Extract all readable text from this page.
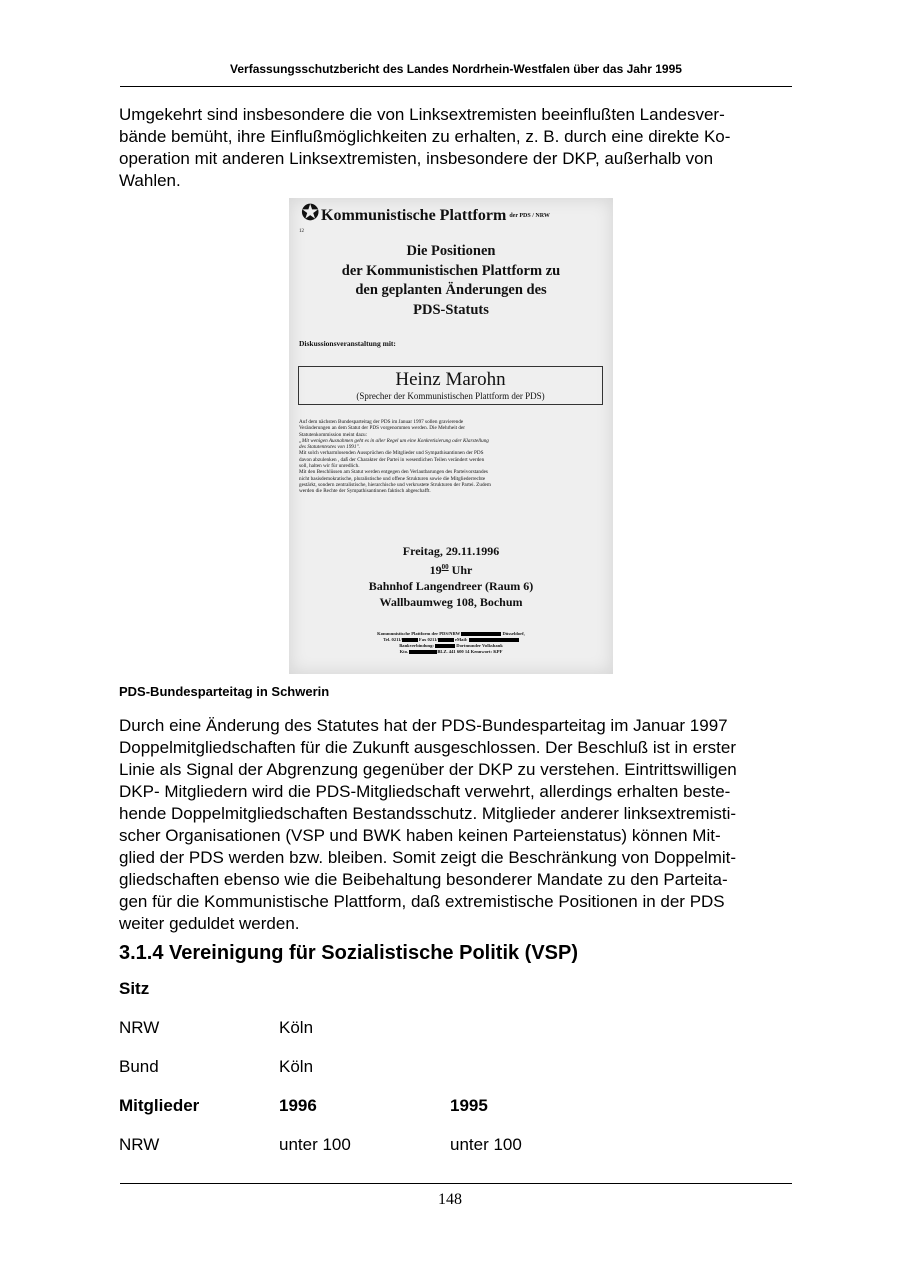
Verfassungsschutzbericht des Landes Nordrhein-Westfalen über das Jahr 1995

Umgekehrt sind insbesondere die von Linksextremisten beeinflußten Landesver-
bände bemüht, ihre Einflußmöglichkeiten zu erhalten, z. B. durch eine direkte Ko-
operation mit anderen Linksextremisten, insbesondere der DKP, außerhalb von
Wahlen.

✪ Kommunistische Plattform der PDS / NRW
12
Die Positionen
der Kommunistischen Plattform zu
den geplanten Änderungen des
PDS-Statuts
Diskussionsveranstaltung mit:
Heinz Marohn
(Sprecher der Kommunistischen Plattform der PDS)
Auf dem nächsten Bundesparteitag der PDS im Januar 1997 sollen gravierende
Veränderungen an dem Statut der PDS vorgenommen werden. Die Mehrheit der
Statutenkommission meint dazu:
„Mit wenigen Ausnahmen geht es in aller Regel um eine Konkretisierung oder Klarstellung
des Statutentextes von 1991".
Mit solch verharmlosenden Aussprüchen die Mitglieder und Sympathisantinnen der PDS
davon abzulenken , daß der Charakter der Partei in wesentlichen Teilen verändert werden
soll, halten wir für unredlich.
Mit den Beschlüssen am Statut werden entgegen den Verlautbarungen des Parteivorstandes
nicht basisdemokratische, pluralistische und offene Strukturen sowie die Mitgliederrechte
gestärkt, sondern zentralistische, hierarchische und verkrustete Strukturen der Partei. Zudem
werden die Rechte der Sympathisantinnen faktisch abgeschafft.
Freitag, 29.11.1996
$19^{00}$ Uhr
Bahnhof Langendreer (Raum 6)
Wallbaumweg 108, Bochum
Kommunistische Plattform der PDS/NRW	Düsseldorf,
Tel. 0211/	Fax 0211/	eMail:
Bankverbindung:	Dortmunder Volksbank
Kto.	BLZ. 441 600 14 Kennwort: KPF

PDS-Bundesparteitag in Schwerin

Durch eine Änderung des Statutes hat der PDS-Bundesparteitag im Januar 1997
Doppelmitgliedschaften für die Zukunft ausgeschlossen. Der Beschluß ist in erster
Linie als Signal der Abgrenzung gegenüber der DKP zu verstehen. Eintrittswilligen
DKP- Mitgliedern wird die PDS-Mitgliedschaft verwehrt, allerdings erhalten beste-
hende Doppelmitgliedschaften Bestandsschutz. Mitglieder anderer linksextremisti-
scher Organisationen (VSP und BWK haben keinen Parteienstatus) können Mit-
glied der PDS werden bzw. bleiben. Somit zeigt die Beschränkung von Doppelmit-
gliedschaften ebenso wie die Beibehaltung besonderer Mandate zu den Parteita-
gen für die Kommunistische Plattform, daß extremistische Positionen in der PDS
weiter geduldet werden.

3.1.4 Vereinigung für Sozialistische Politik (VSP)
Sitz
NRW	Köln
Bund	Köln
Mitglieder	1996	1995
NRW	unter 100	unter 100
148
